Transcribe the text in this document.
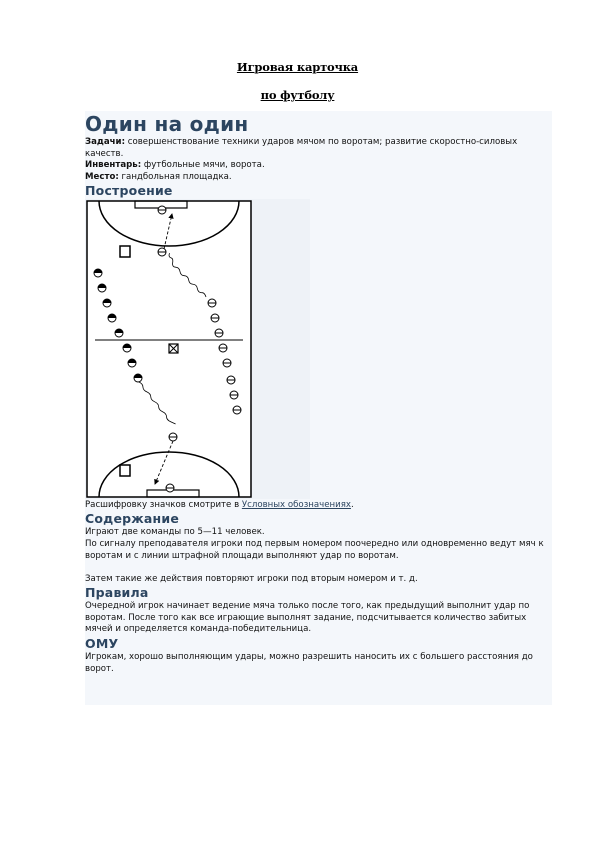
Игровая карточка
по футболу
Один на один
Задачи: совершенствование техники ударов мячом по воротам; развитие скоростно-силовых качеств.
Инвентарь: футбольные мячи, ворота.
Место: гандбольная площадка.
Построение
Расшифровку значков смотрите в Условных обозначениях.
Содержание
Играют две команды по 5—11 человек.
По сигналу преподавателя игроки под первым номером поочередно или одновременно ведут мяч к воротам и с линии штрафной площади выполняют удар по воротам.
Затем такие же действия повторяют игроки под вторым номером и т. д.
Правила
Очередной игрок начинает ведение мяча только после того, как предыдущий выполнит удар по воротам. После того как все играющие выполнят задание, подсчитывается количество забитых мячей и определяется команда-победительница.
ОМУ
Игрокам, хорошо выполняющим удары, можно разрешить наносить их с большего расстояния до ворот.
